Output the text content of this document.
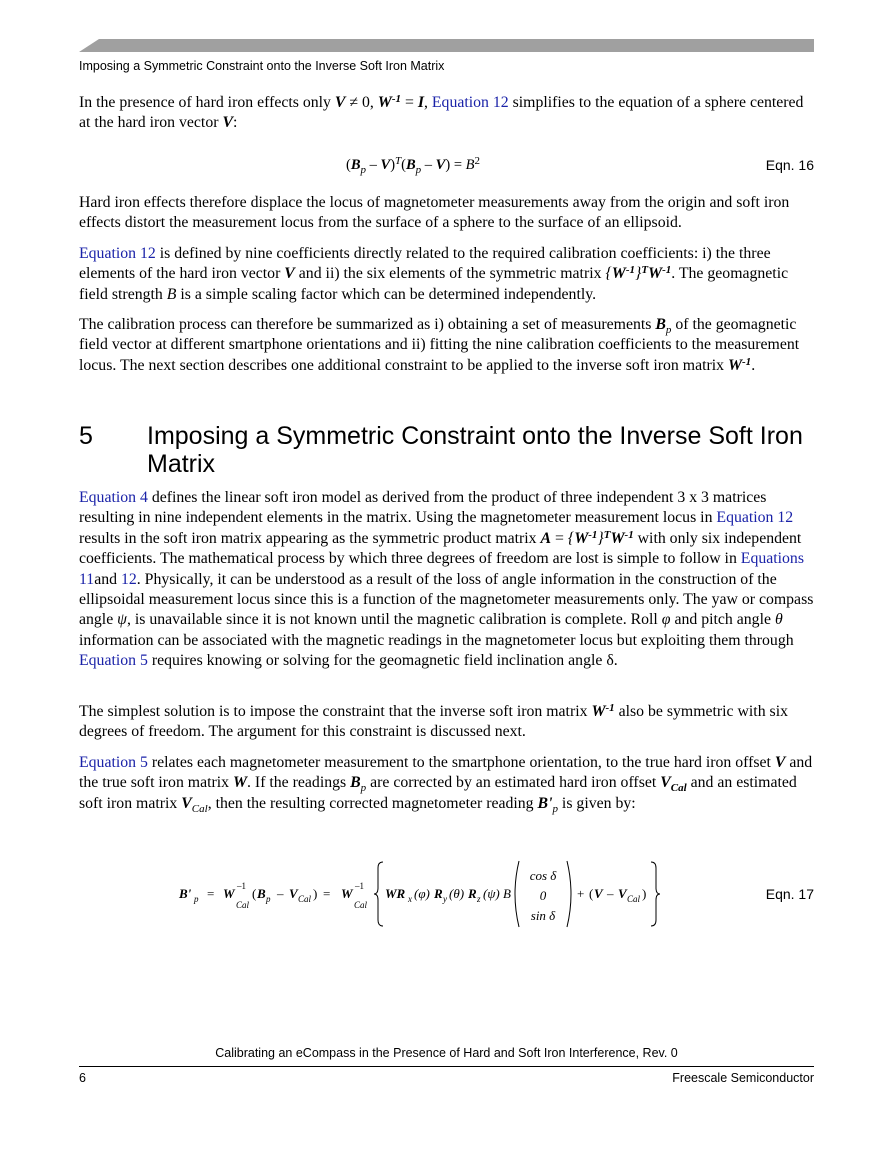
Imposing a Symmetric Constraint onto the Inverse Soft Iron Matrix

In the presence of hard iron effects only V ≠ 0, $W^{-1} = I$, Equation 12 simplifies to the equation of a sphere centered at the hard iron vector V:

$(B_p - V)^T(B_p - V) = B^2$	Eqn. 16

Hard iron effects therefore displace the locus of magnetometer measurements away from the origin and soft iron effects distort the measurement locus from the surface of a sphere to the surface of an ellipsoid.

Equation 12 is defined by nine coefficients directly related to the required calibration coefficients: i) the three elements of the hard iron vector V and ii) the six elements of the symmetric matrix $\{W^{-1}\}^TW^{-1}$. The geomagnetic field strength B is a simple scaling factor which can be determined independently.

The calibration process can therefore be summarized as i) obtaining a set of measurements $B_p$ of the geomagnetic field vector at different smartphone orientations and ii) fitting the nine calibration coefficients to the measurement locus. The next section describes one additional constraint to be applied to the inverse soft iron matrix $W^{-1}$.

5 Imposing a Symmetric Constraint onto the Inverse Soft Iron Matrix

Equation 4 defines the linear soft iron model as derived from the product of three independent 3 x 3 matrices resulting in nine independent elements in the matrix. Using the magnetometer measurement locus in Equation 12 results in the soft iron matrix appearing as the symmetric product matrix $A = \{W^{-1}\}^TW^{-1}$ with only six independent coefficients. The mathematical process by which three degrees of freedom are lost is simple to follow in Equations 11and 12. Physically, it can be understood as a result of the loss of angle information in the construction of the ellipsoidal measurement locus since this is a function of the magnetometer measurements only. The yaw or compass angle ψ, is unavailable since it is not known until the magnetic calibration is complete. Roll φ and pitch angle θ information can be associated with the magnetic readings in the magnetometer locus but exploiting them through Equation 5 requires knowing or solving for the geomagnetic field inclination angle δ.

The simplest solution is to impose the constraint that the inverse soft iron matrix $W^{-1}$ also be symmetric with six degrees of freedom. The argument for this constraint is discussed next.

Equation 5 relates each magnetometer measurement to the smartphone orientation, to the true hard iron offset V and the true soft iron matrix W. If the readings $B_p$ are corrected by an estimated hard iron offset $V_{Cal}$ and an estimated soft iron matrix $V_{Cal}$, then the resulting corrected magnetometer reading $B'_p$ is given by:

B' p = W –1
Cal
( B p – V Cal ) = W –1
Cal
WR x (φ) R y (θ) R z (ψ) B
cos δ
0
sin δ
+ ( V – V Cal )	Eqn. 17
Calibrating an eCompass in the Presence of Hard and Soft Iron Interference, Rev. 0
6	Freescale Semiconductor
